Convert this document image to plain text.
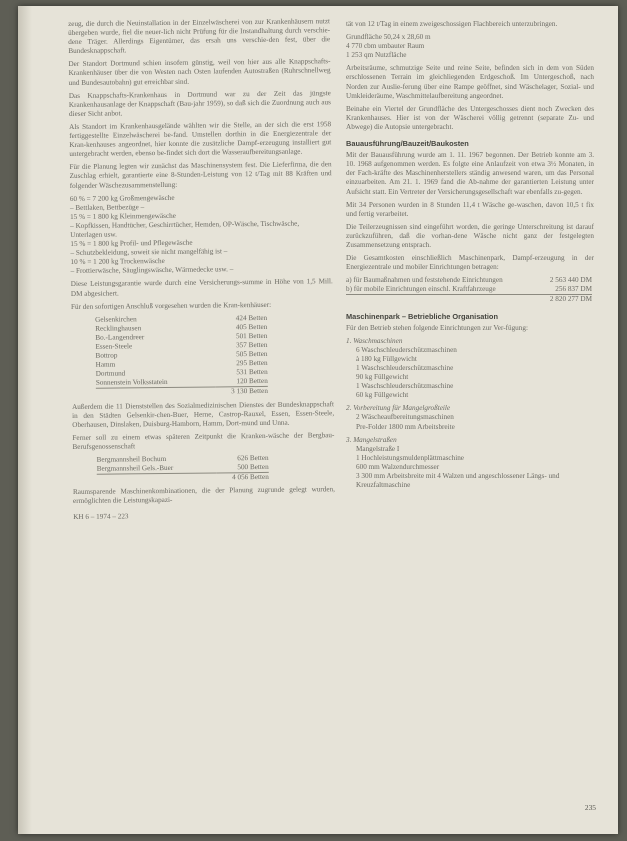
zeug, die durch die Neuinstallation in der Einzelwäscherei von zur Krankenhäusern nutzt übergeben wurde, fiel die neuer-lich nicht Prüfung für die Instandhaltung durch verschie-dene Träger. Allerdings Eigentümer, das ersah uns verschie-den fest, über die Bundesknappschaft.

Der Standort Dortmund schien insofern günstig, weil von hier aus alle Knappschafts-Krankenhäuser über die von Westen nach Osten laufenden Autostraßen (Ruhrschnellweg und Bundesautobahn) gut erreichbar sind.

Das Knappschafts-Krankenhaus in Dortmund war zu der Zeit das jüngste Krankenhausanlage der Knappschaft (Bau-jahr 1959), so daß sich die Zuordnung auch aus dieser Sicht anbot.

Als Standort im Krankenhausgelände wählten wir die Stelle, an der sich die erst 1958 fertiggestellte Einzelwäscherei be-fand. Umstellen dorthin in die Energiezentrale der Kran-kenhauses angeordnet, hier konnte die zusätzliche Dampf-erzeugung installiert gut untergebracht werden, ebenso be-findet sich dort die Wasseraufbereitungsanlage.

Für die Planung legten wir zunächst das Maschinensystem fest. Die Lieferfirma, die den Zuschlag erhielt, garantierte eine 8-Stunden-Leistung von 12 t/Tag mit 88 Kräften und folgender Wäschezusammenstellung:

60 % = 7 200 kg Großmengewäsche
– Bettlaken, Bettbezüge –
15 % = 1 800 kg Kleinmengewäsche
– Kopfkissen, Handtücher, Geschirrtücher, Hemden, OP-Wäsche, Tischwäsche, Unterlagen usw.
15 % = 1 800 kg Profil- und Pflegewäsche
– Schutzbekleidung, soweit sie nicht mangelfähig ist –
10 % = 1 200 kg Trockenwäsche
– Frottierwäsche, Säuglingswäsche, Wärmedecke usw. –

Diese Leistungsgarantie wurde durch eine Versicherungs-summe in Höhe von 1,5 Mill. DM abgesichert.

Für den sofortigen Anschluß vorgesehen wurden die Kran-kenhäuser:

Gelsenkirchen	424 Betten
Recklinghausen	405 Betten
Bo.-Langendreer	501 Betten
Essen-Steele	357 Betten
Bottrop	505 Betten
Hamm	295 Betten
Dortmund	531 Betten
Sonnenstein Volksstatein	120 Betten
	3 130 Betten

Außerdem die 11 Dienststellen des Sozialmedizinischen Dienstes der Bundesknappschaft in den Städten Gelsenkir-chen-Buer, Herne, Castrop-Rauxel, Essen, Essen-Steele, Oberhausen, Dinslaken, Duisburg-Hamborn, Hamm, Dort-mund und Unna.

Ferner soll zu einem etwas späteren Zeitpunkt die Kranken-wäsche der Bergbau-Berufsgenossenschaft

Bergmannsheil Bochum	626 Betten
Bergmannsheil Gels.-Buer	500 Betten
	4 056 Betten

Raumsparende Maschinenkombinationen, die der Planung zugrunde gelegt wurden, ermöglichten die Leistungskapazi-

KH 6 – 1974 – 223

tät von 12 t/Tag in einem zweigeschossigen Flachbereich unterzubringen.

Grundfläche 50,24 x 28,60 m
4 770 cbm umbauter Raum
1 253 qm Nutzfläche

Arbeitsräume, schmutzige Seite und reine Seite, befinden sich in dem von Süden erschlossenen Terrain im gleichliegenden Erdgeschoß. Im Untergeschoß, nach Norden zur Auslie-ferung über eine Rampe geöffnet, sind Wäschelager, Sozial- und Umkleideräume, Waschmittelaufbereitung angeordnet.

Beinahe ein Viertel der Grundfläche des Untergeschosses dient noch Zwecken des Krankenhauses. Hier ist von der Wäscherei völlig getrennt (separate Zu- und Abwege) die Autopsie untergebracht.

Bauausführung/Bauzeit/Baukosten

Mit der Bauausführung wurde am 1. 11. 1967 begonnen. Der Betrieb konnte am 3. 10. 1968 aufgenommen werden. Es folgte eine Anlaufzeit von etwa 3½ Monaten, in der Fach-kräfte des Maschinenherstellers ständig anwesend waren, um das Personal einzuarbeiten. Am 21. 1. 1969 fand die Ab-nahme der garantierten Leistung unter Aufsicht statt. Ein Vertreter der Versicherungsgesellschaft war ebenfalls zu-gegen.

Mit 34 Personen wurden in 8 Stunden 11,4 t Wäsche ge-waschen, davon 10,5 t fix und fertig verarbeitet.

Die Teilerzeugnissen sind eingeführt worden, die geringe Unterschreitung ist darauf zurückzuführen, daß die vorhan-dene Wäsche nicht ganz der festgelegten Zusammensetzung entsprach.

Die Gesamtkosten einschließlich Maschinenpark, Dampf-erzeugung in der Energiezentrale und mobiler Einrichtungen betragen:

a) für Baumaßnahmen und feststehende Einrichtungen	2 563 440 DM
b) für mobile Einrichtungen einschl. Kraftfahrzeuge	256 837 DM
	2 820 277 DM
Maschinenpark – Betriebliche Organisation

Für den Betrieb stehen folgende Einrichtungen zur Ver-fügung:

1. Waschmaschinen
6 Waschschleuderschützmaschinen
à 180 kg Füllgewicht
1 Waschschleuderschützmaschine
90 kg Füllgewicht
1 Waschschleuderschützmaschine
60 kg Füllgewicht
2. Vorbereitung für Mangelgroßteile
2 Wäscheaufbereitungsmaschinen
Pre-Folder 1800 mm Arbeitsbreite
3. Mangelstraßen
Mangelstraße I
1 Hochleistungsmuldenplättmaschine
600 mm Walzendurchmesser
3 300 mm Arbeitsbreite mit 4 Walzen und angeschlossener Längs- und Kreuzfaltmaschine
235
